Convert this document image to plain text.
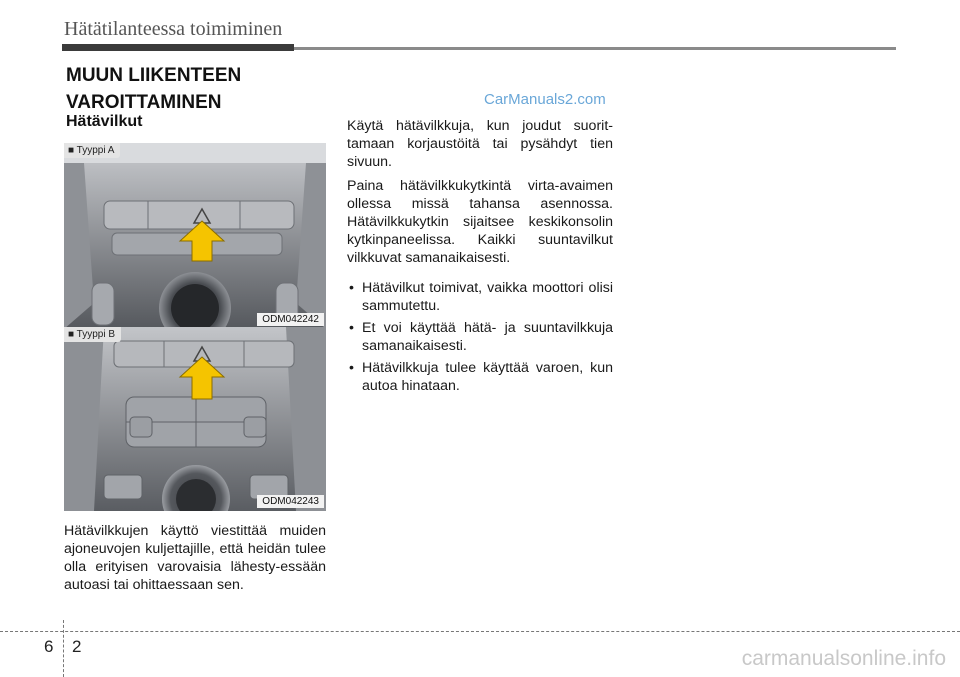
Hätätilanteessa toimiminen
MUUN LIIKENTEEN
VAROITTAMINEN
Hätävilkut
CarManuals2.com
■ Tyyppi A
ODM042242
■ Tyyppi B
ODM042243

Hätävilkkujen käyttö viestittää muiden ajoneuvojen kuljettajille, että heidän tulee olla erityisen varovaisia lähesty-essään autoasi tai ohittaessaan sen.

Käytä hätävilkkuja, kun joudut suorit-tamaan korjaustöitä tai pysähdyt tien sivuun.

Paina hätävilkkukytkintä virta-avaimen ollessa missä tahansa asennossa. Hätävilkkukytkin sijaitsee keskikonsolin kytkinpaneelissa. Kaikki suuntavilkut vilkkuvat samanaikaisesti.

• Hätävilkut toimivat, vaikka moottori olisi sammutettu.
• Et voi käyttää hätä- ja suuntavilkkuja samanaikaisesti.
• Hätävilkkuja tulee käyttää varoen, kun autoa hinataan.
6 2
carmanualsonline.info
